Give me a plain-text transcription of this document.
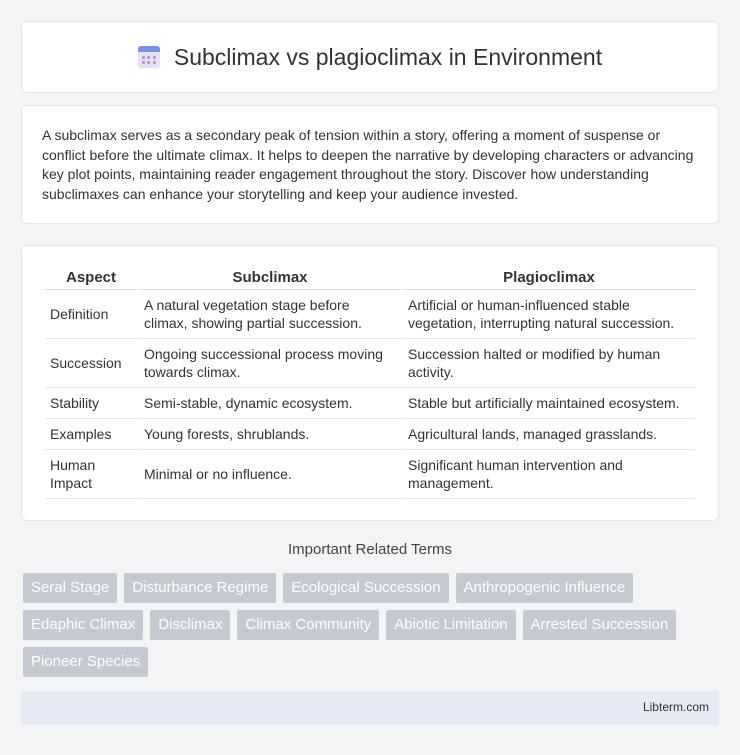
Subclimax vs plagioclimax in Environment

A subclimax serves as a secondary peak of tension within a story, offering a moment of suspense or conflict before the ultimate climax. It helps to deepen the narrative by developing characters or advancing key plot points, maintaining reader engagement throughout the story. Discover how understanding subclimaxes can enhance your storytelling and keep your audience invested.

Aspect	Subclimax	Plagioclimax
Definition	A natural vegetation stage before climax, showing partial succession.	Artificial or human-influenced stable vegetation, interrupting natural succession.
Succession	Ongoing successional process moving towards climax.	Succession halted or modified by human activity.
Stability	Semi-stable, dynamic ecosystem.	Stable but artificially maintained ecosystem.
Examples	Young forests, shrublands.	Agricultural lands, managed grasslands.
Human Impact	Minimal or no influence.	Significant human intervention and management.
Important Related Terms
Seral Stage	Disturbance Regime	Ecological Succession	Anthropogenic Influence
Edaphic Climax	Disclimax	Climax Community	Abiotic Limitation	Arrested Succession
Pioneer Species
Libterm.com
